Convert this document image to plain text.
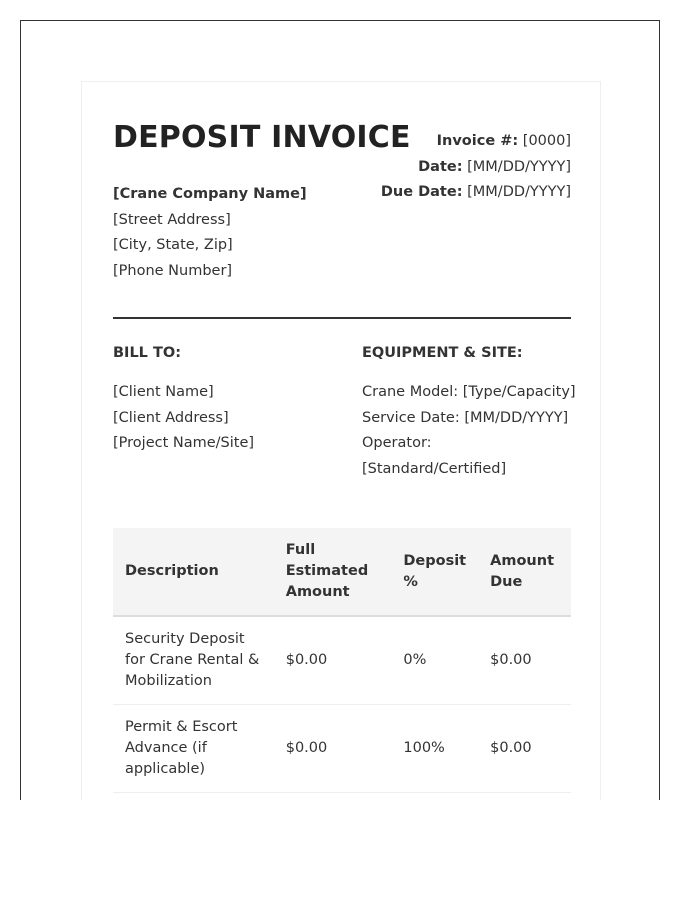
DEPOSIT INVOICE
[Crane Company Name]
[Street Address]
[City, State, Zip]
[Phone Number]
Invoice #: [0000]
Date: [MM/DD/YYYY]
Due Date: [MM/DD/YYYY]
BILL TO:
[Client Name]
[Client Address]
[Project Name/Site]
EQUIPMENT & SITE:
Crane Model: [Type/Capacity]
Service Date: [MM/DD/YYYY]
Operator:
[Standard/Certified]
Description	Full Estimated Amount	Deposit %	Amount Due
Security Deposit for Crane Rental & Mobilization	$0.00	0%	$0.00
Permit & Escort Advance (if applicable)	$0.00	100%	$0.00
